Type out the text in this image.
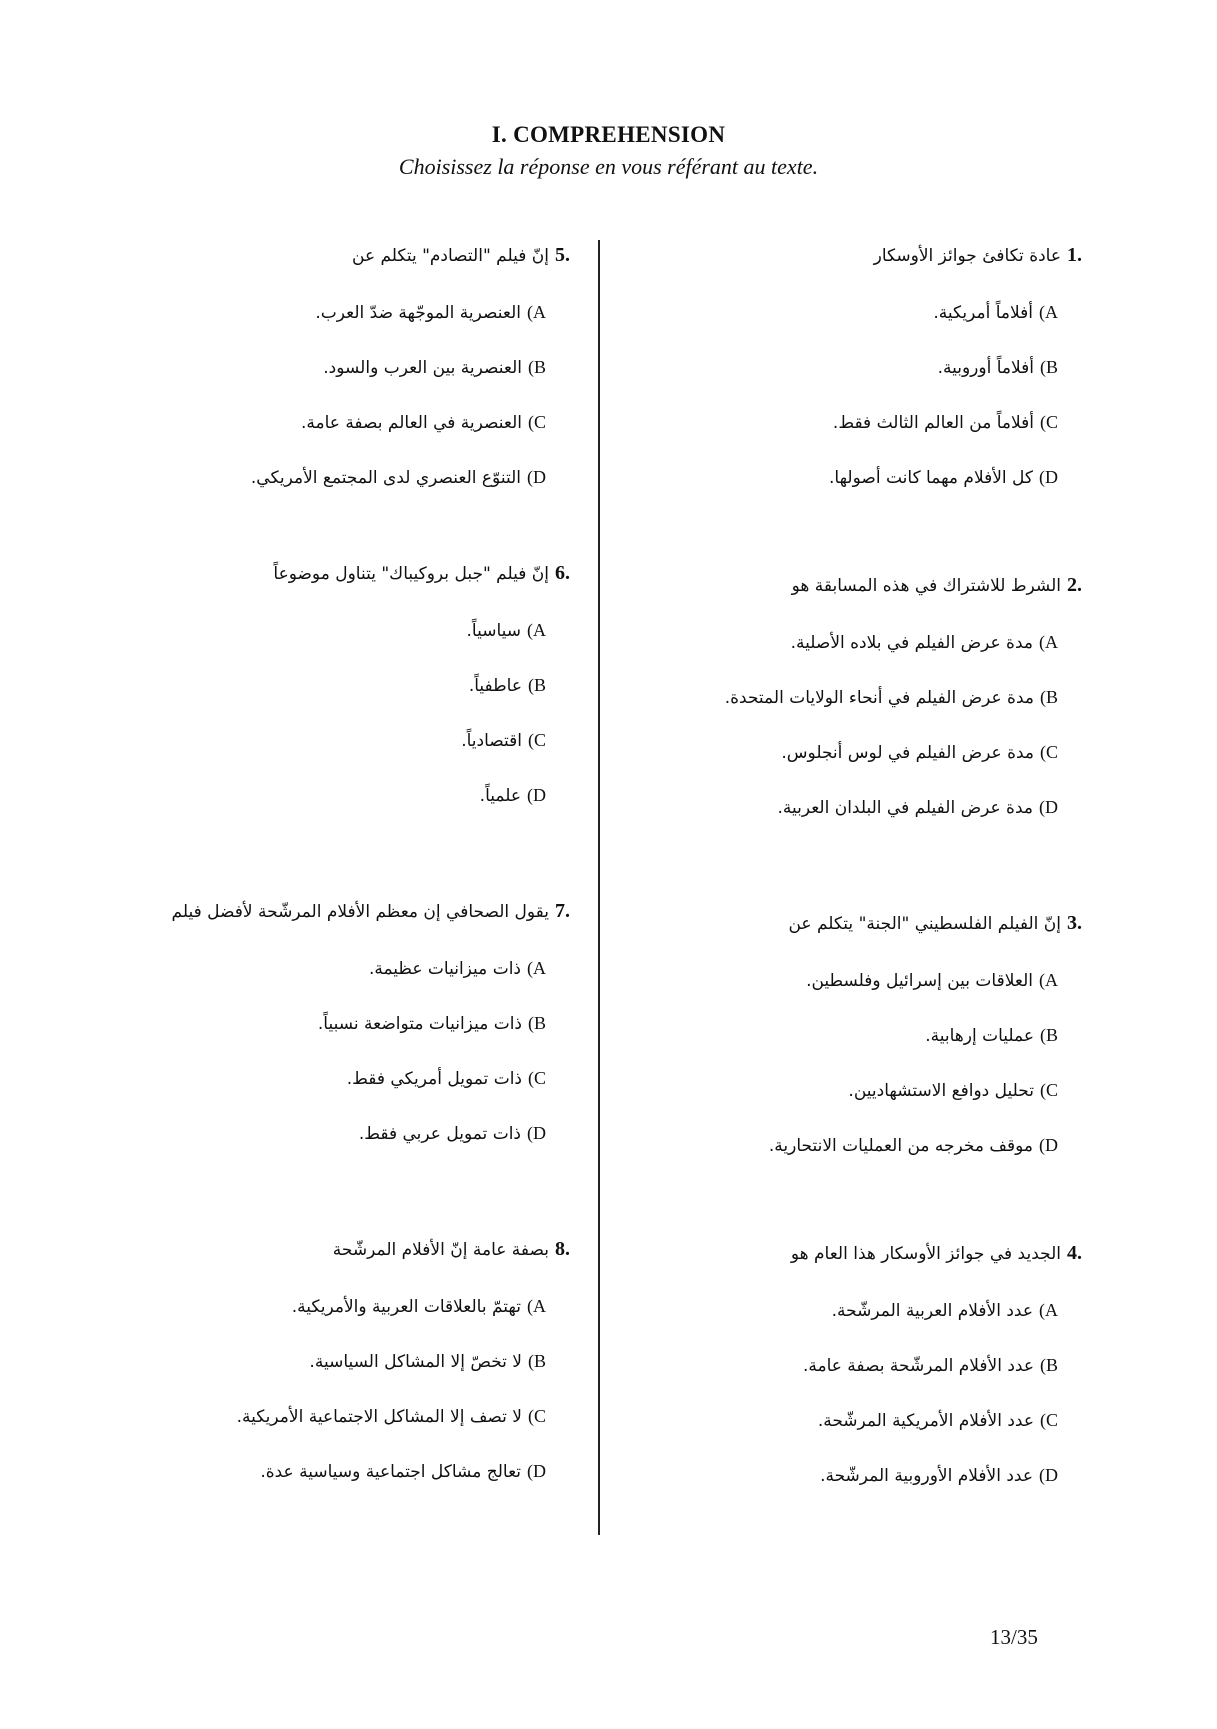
I. COMPREHENSION

Choisissez la réponse en vous référant au texte.

1.عادة تكافئ جوائز الأوسكار

(Aأفلاماً أمريكية.

(Bأفلاماً أوروبية.

(Cأفلاماً من العالم الثالث فقط.

(Dكل الأفلام مهما كانت أصولها.

2.الشرط للاشتراك في هذه المسابقة هو

(Aمدة عرض الفيلم في بلاده الأصلية.

(Bمدة عرض الفيلم في أنحاء الولايات المتحدة.

(Cمدة عرض الفيلم في لوس أنجلوس.

(Dمدة عرض الفيلم في البلدان العربية.

3.إنّ الفيلم الفلسطيني "الجنة" يتكلم عن

(Aالعلاقات بين إسرائيل وفلسطين.

(Bعمليات إرهابية.

(Cتحليل دوافع الاستشهاديين.

(Dموقف مخرجه من العمليات الانتحارية.

4.الجديد في جوائز الأوسكار هذا العام هو

(Aعدد الأفلام العربية المرشّحة.

(Bعدد الأفلام المرشّحة بصفة عامة.

(Cعدد الأفلام الأمريكية المرشّحة.

(Dعدد الأفلام الأوروبية المرشّحة.

5.إنّ فيلم "التصادم" يتكلم عن

(Aالعنصرية الموجّهة ضدّ العرب.

(Bالعنصرية بين العرب والسود.

(Cالعنصرية في العالم بصفة عامة.

(Dالتنوّع العنصري لدى المجتمع الأمريكي.

6.إنّ فيلم "جبل بروكيباك" يتناول موضوعاً

(Aسياسياً.

(Bعاطفياً.

(Cاقتصادياً.

(Dعلمياً.

7.يقول الصحافي إن معظم الأفلام المرشّحة لأفضل فيلم

(Aذات ميزانيات عظيمة.

(Bذات ميزانيات متواضعة نسبياً.

(Cذات تمويل أمريكي فقط.

(Dذات تمويل عربي فقط.

8.بصفة عامة إنّ الأفلام المرشّحة

(Aتهتمّ بالعلاقات العربية والأمريكية.

(Bلا تخصّ إلا المشاكل السياسية.

(Cلا تصف إلا المشاكل الاجتماعية الأمريكية.

(Dتعالج مشاكل اجتماعية وسياسية عدة.

13/35
